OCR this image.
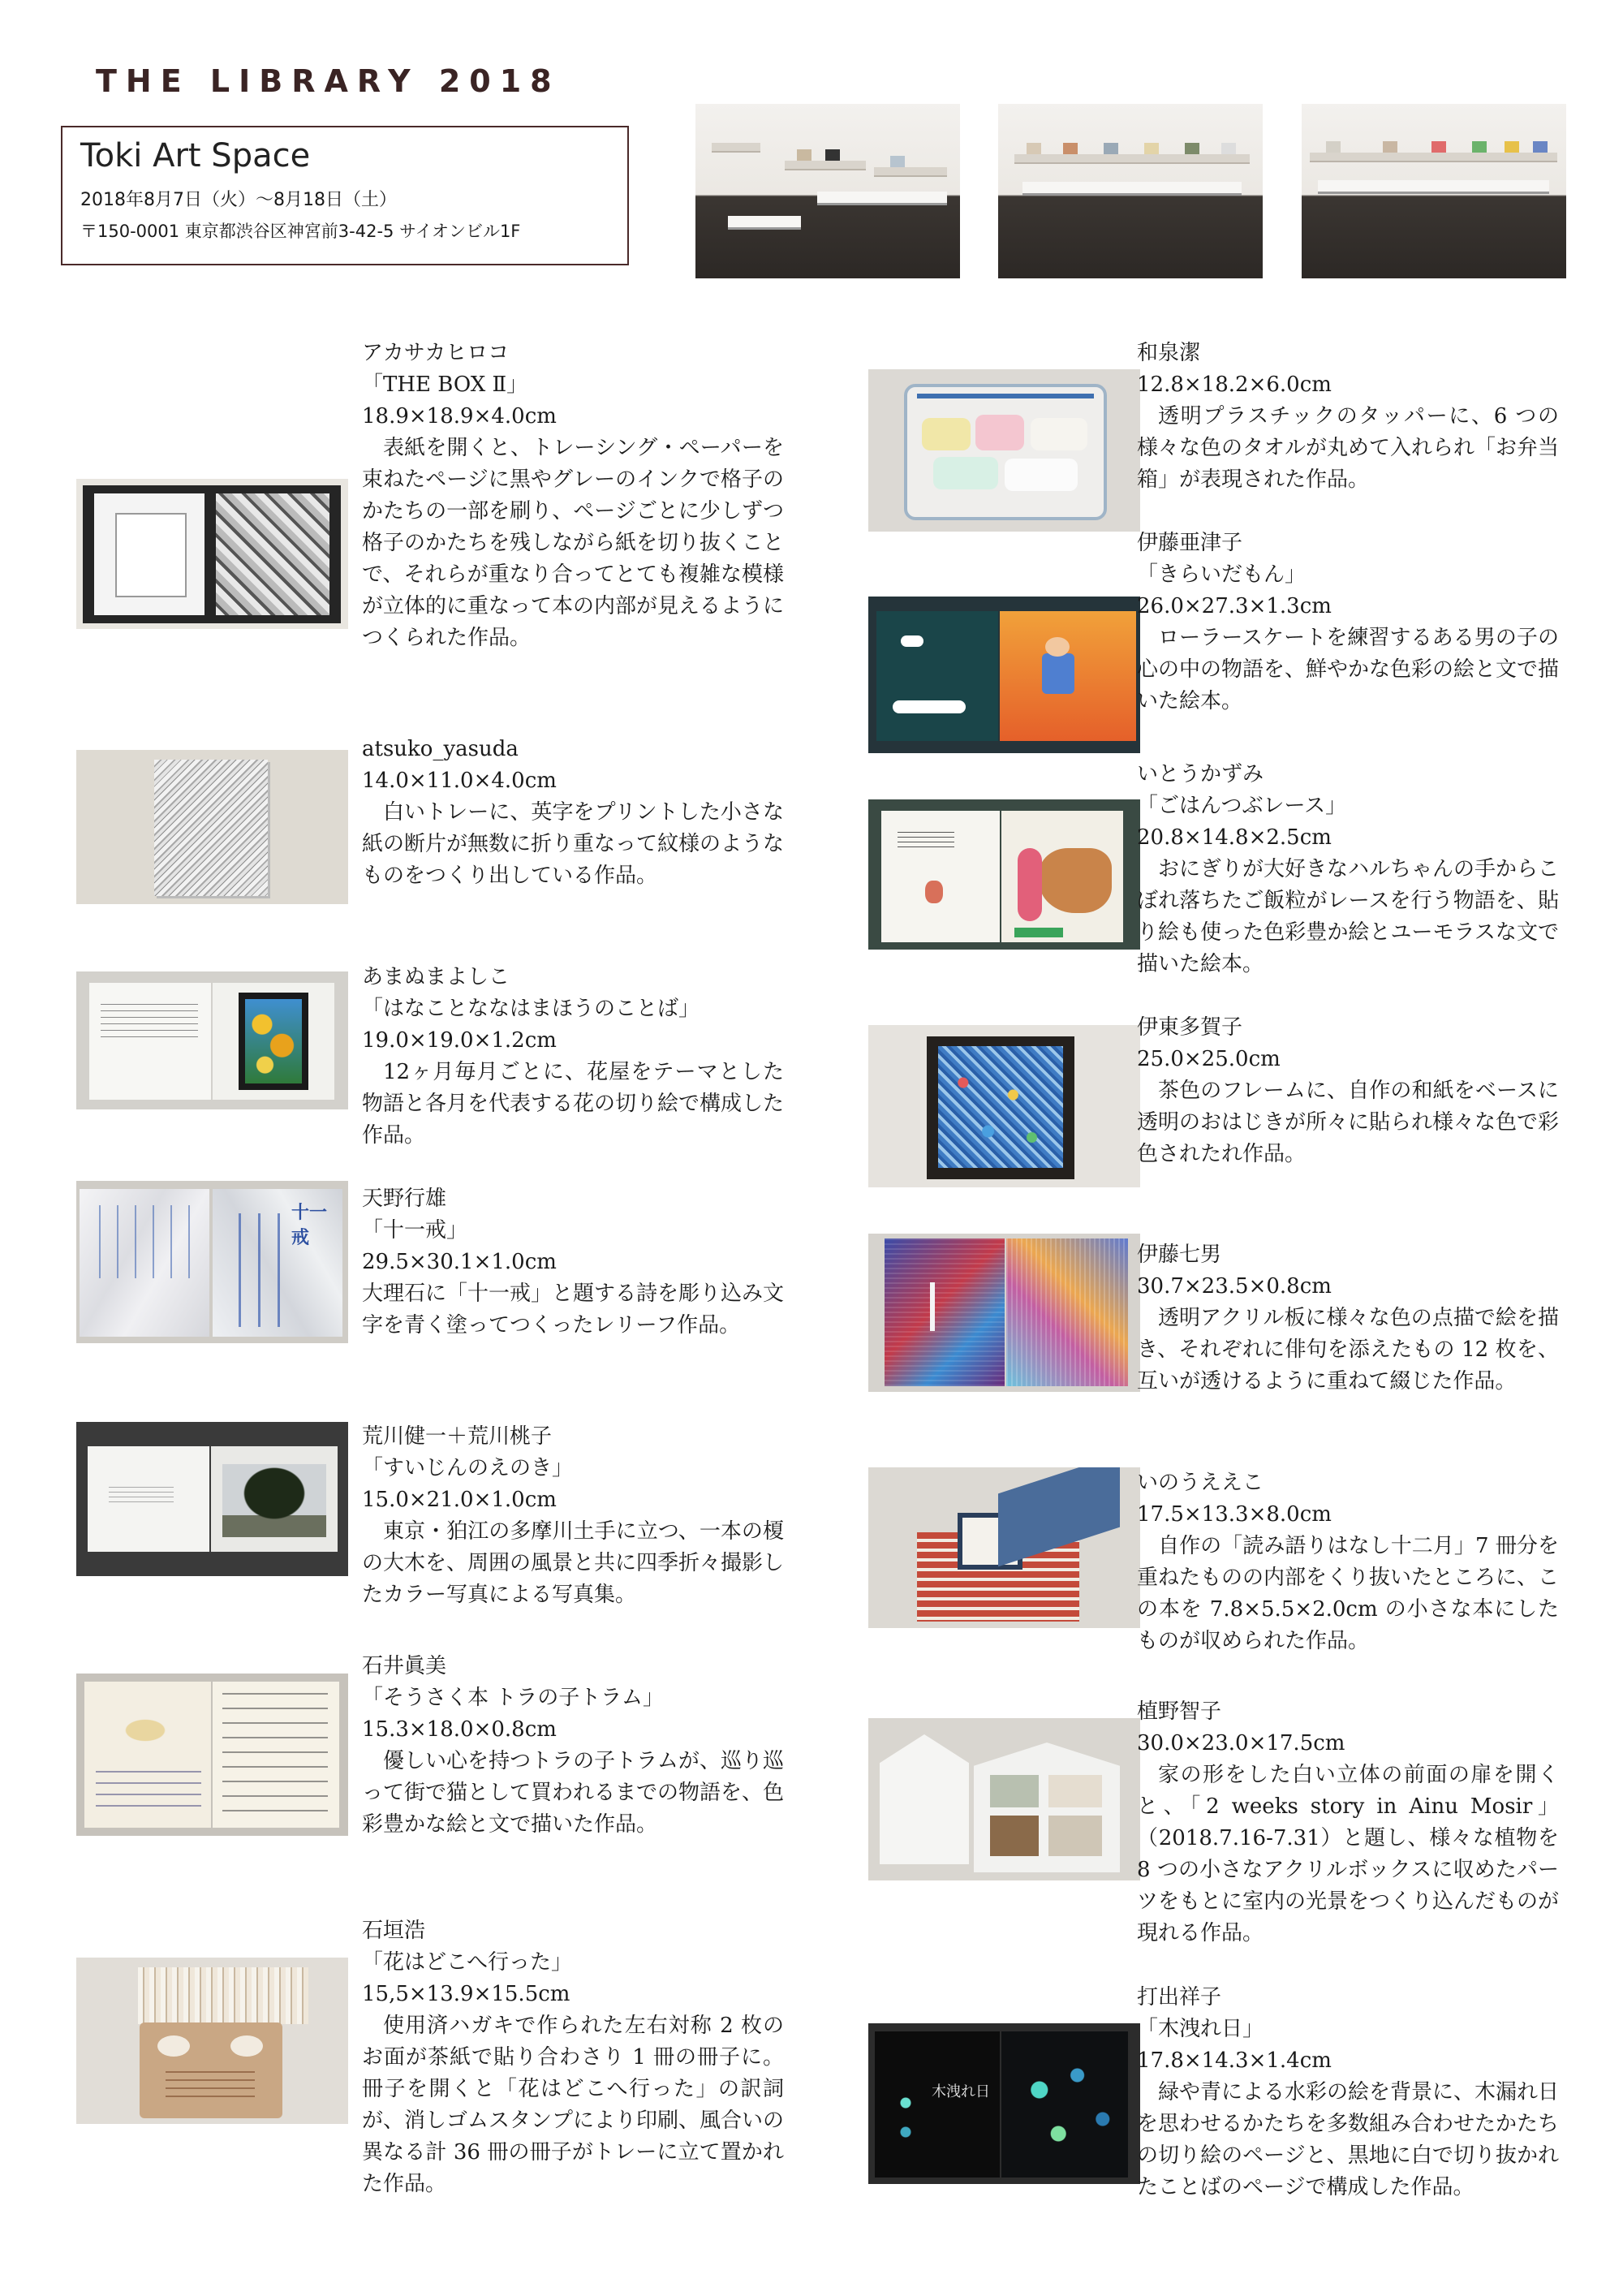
THE LIBRARY 2018
Toki Art Space
2018年8月7日（火）～8月18日（土）
〒150-0001 東京都渋谷区神宮前3-42-5 サイオンビル1F
アカサカヒロコ
「THE BOX Ⅱ」
18.9×18.9×4.0cm
表紙を開くと、トレーシング・ペーパーを束ねたページに黒やグレーのインクで格子のかたちの一部を刷り、ページごとに少しずつ格子のかたちを残しながら紙を切り抜くことで、それらが重なり合ってとても複雑な模様が立体的に重なって本の内部が見えるようにつくられた作品。
atsuko_yasuda
14.0×11.0×4.0cm
白いトレーに、英字をプリントした小さな紙の断片が無数に折り重なって紋様のようなものをつくり出している作品。
あまぬまよしこ
「はなことななはまほうのことば」
19.0×19.0×1.2cm
12ヶ月毎月ごとに、花屋をテーマとした物語と各月を代表する花の切り絵で構成した作品。
十一戒
天野行雄
「十一戒」
29.5×30.1×1.0cm
大理石に「十一戒」と題する詩を彫り込み文字を青く塗ってつくったレリーフ作品。
荒川健一＋荒川桃子
「すいじんのえのき」
15.0×21.0×1.0cm
東京・狛江の多摩川土手に立つ、一本の榎の大木を、周囲の風景と共に四季折々撮影したカラー写真による写真集。
石井眞美
「そうさく本 トラの子トラム」
15.3×18.0×0.8cm
優しい心を持つトラの子トラムが、巡り巡って街で猫として買われるまでの物語を、色彩豊かな絵と文で描いた作品。
石垣浩
「花はどこへ行った」
15,5×13.9×15.5cm
使用済ハガキで作られた左右対称 2 枚のお面が茶紙で貼り合わさり 1 冊の冊子に。冊子を開くと「花はどこへ行った」の訳詞が、消しゴムスタンプにより印刷、風合いの異なる計 36 冊の冊子がトレーに立て置かれた作品。
和泉潔
12.8×18.2×6.0cm
透明プラスチックのタッパーに、6 つの様々な色のタオルが丸めて入れられ「お弁当箱」が表現された作品。
伊藤亜津子
「きらいだもん」
26.0×27.3×1.3cm
ローラースケートを練習するある男の子の心の中の物語を、鮮やかな色彩の絵と文で描いた絵本。
いとうかずみ
「ごはんつぶレース」
20.8×14.8×2.5cm
おにぎりが大好きなハルちゃんの手からこぼれ落ちたご飯粒がレースを行う物語を、貼り絵も使った色彩豊か絵とユーモラスな文で描いた絵本。
伊東多賀子
25.0×25.0cm
茶色のフレームに、自作の和紙をベースに透明のおはじきが所々に貼られ様々な色で彩色されたれ作品。
伊藤七男
30.7×23.5×0.8cm
透明アクリル板に様々な色の点描で絵を描き、それぞれに俳句を添えたもの 12 枚を、互いが透けるように重ねて綴じた作品。
いのうええこ
17.5×13.3×8.0cm
自作の「読み語りはなし十二月」7 冊分を重ねたものの内部をくり抜いたところに、この本を 7.8×5.5×2.0cm の小さな本にしたものが収められた作品。
植野智子
30.0×23.0×17.5cm
家の形をした白い立体の前面の扉を開くと、「2 weeks story in Ainu Mosir」（2018.7.16-7.31）と題し、様々な植物を 8 つの小さなアクリルボックスに収めたパーツをもとに室内の光景をつくり込んだものが現れる作品。
木洩れ日
打出祥子
「木洩れ日」
17.8×14.3×1.4cm
緑や青による水彩の絵を背景に、木漏れ日を思わせるかたちを多数組み合わせたかたちの切り絵のページと、黒地に白で切り抜かれたことばのページで構成した作品。
